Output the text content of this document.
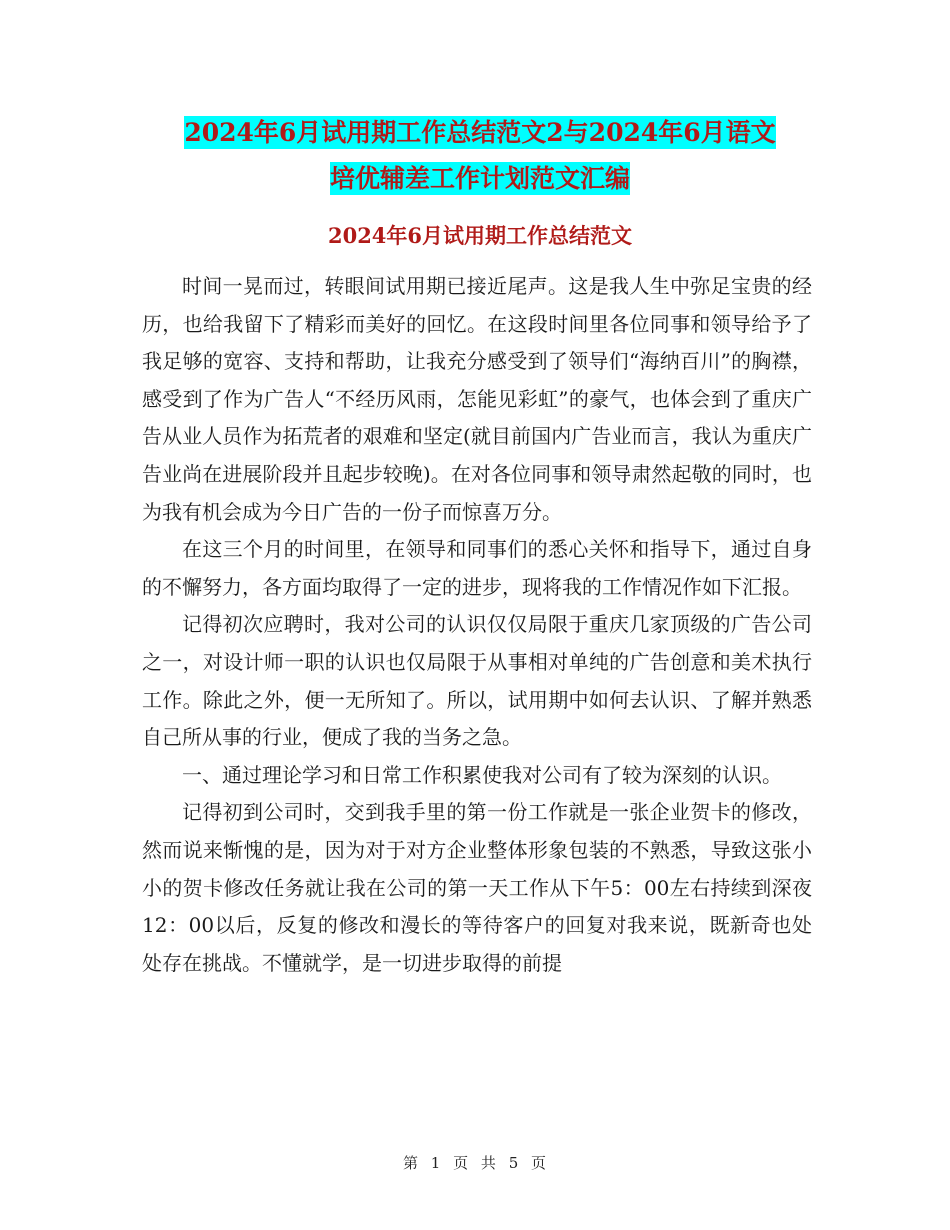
2024年6月试用期工作总结范文2与2024年6月语文
培优辅差工作计划范文汇编
2024年6月试用期工作总结范文

时间一晃而过，转眼间试用期已接近尾声。这是我人生中弥足宝贵的经历，也给我留下了精彩而美好的回忆。在这段时间里各位同事和领导给予了我足够的宽容、支持和帮助，让我充分感受到了领导们“海纳百川”的胸襟，感受到了作为广告人“不经历风雨，怎能见彩虹”的豪气，也体会到了重庆广告从业人员作为拓荒者的艰难和坚定(就目前国内广告业而言，我认为重庆广告业尚在进展阶段并且起步较晚)。在对各位同事和领导肃然起敬的同时，也为我有机会成为今日广告的一份子而惊喜万分。

在这三个月的时间里，在领导和同事们的悉心关怀和指导下，通过自身的不懈努力，各方面均取得了一定的进步，现将我的工作情况作如下汇报。

记得初次应聘时，我对公司的认识仅仅局限于重庆几家顶级的广告公司之一，对设计师一职的认识也仅局限于从事相对单纯的广告创意和美术执行工作。除此之外，便一无所知了。所以，试用期中如何去认识、了解并熟悉自己所从事的行业，便成了我的当务之急。

一、通过理论学习和日常工作积累使我对公司有了较为深刻的认识。

记得初到公司时，交到我手里的第一份工作就是一张企业贺卡的修改，然而说来惭愧的是，因为对于对方企业整体形象包装的不熟悉，导致这张小小的贺卡修改任务就让我在公司的第一天工作从下午5：00左右持续到深夜12：00以后，反复的修改和漫长的等待客户的回复对我来说，既新奇也处处存在挑战。不懂就学，是一切进步取得的前提

第 1 页 共 5 页
